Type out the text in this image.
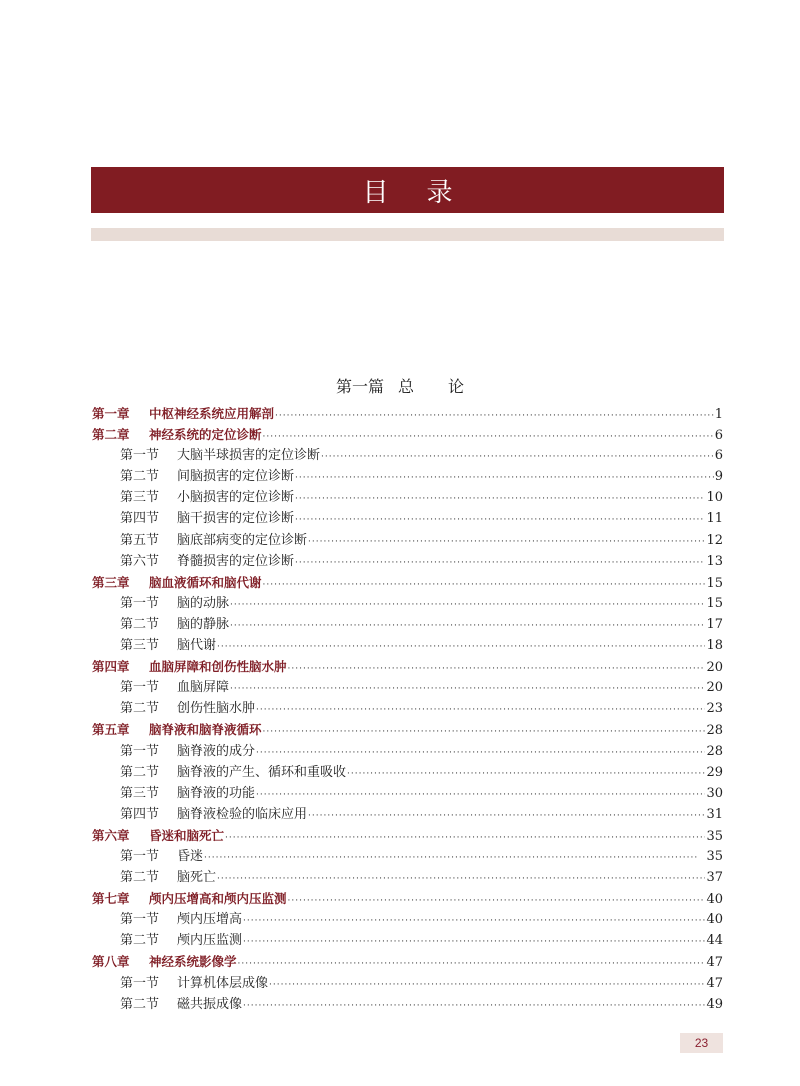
目录
第一篇 总 论
第一章	中枢神经系统应用解剖 ·····	1
第二章	神经系统的定位诊断 ·····	6
第一节	大脑半球损害的定位诊断 ·····	6
第二节	间脑损害的定位诊断 ·····	9
第三节	小脑损害的定位诊断 ·····	10
第四节	脑干损害的定位诊断 ·····	11
第五节	脑底部病变的定位诊断 ·····	12
第六节	脊髓损害的定位诊断 ·····	13
第三章	脑血液循环和脑代谢 ·····	15
第一节	脑的动脉 ·····	15
第二节	脑的静脉 ·····	17
第三节	脑代谢 ·····	18
第四章	血脑屏障和创伤性脑水肿 ·····	20
第一节	血脑屏障 ·····	20
第二节	创伤性脑水肿 ·····	23
第五章	脑脊液和脑脊液循环 ·····	28
第一节	脑脊液的成分 ·····	28
第二节	脑脊液的产生、循环和重吸收 ·····	29
第三节	脑脊液的功能 ·····	30
第四节	脑脊液检验的临床应用 ·····	31
第六章	昏迷和脑死亡 ·····	35
第一节	昏迷 ·····	35
第二节	脑死亡 ·····	37
第七章	颅内压增高和颅内压监测 ·····	40
第一节	颅内压增高 ·····	40
第二节	颅内压监测 ·····	44
第八章	神经系统影像学 ·····	47
第一节	计算机体层成像 ·····	47
第二节	磁共振成像 ·····	49
23
